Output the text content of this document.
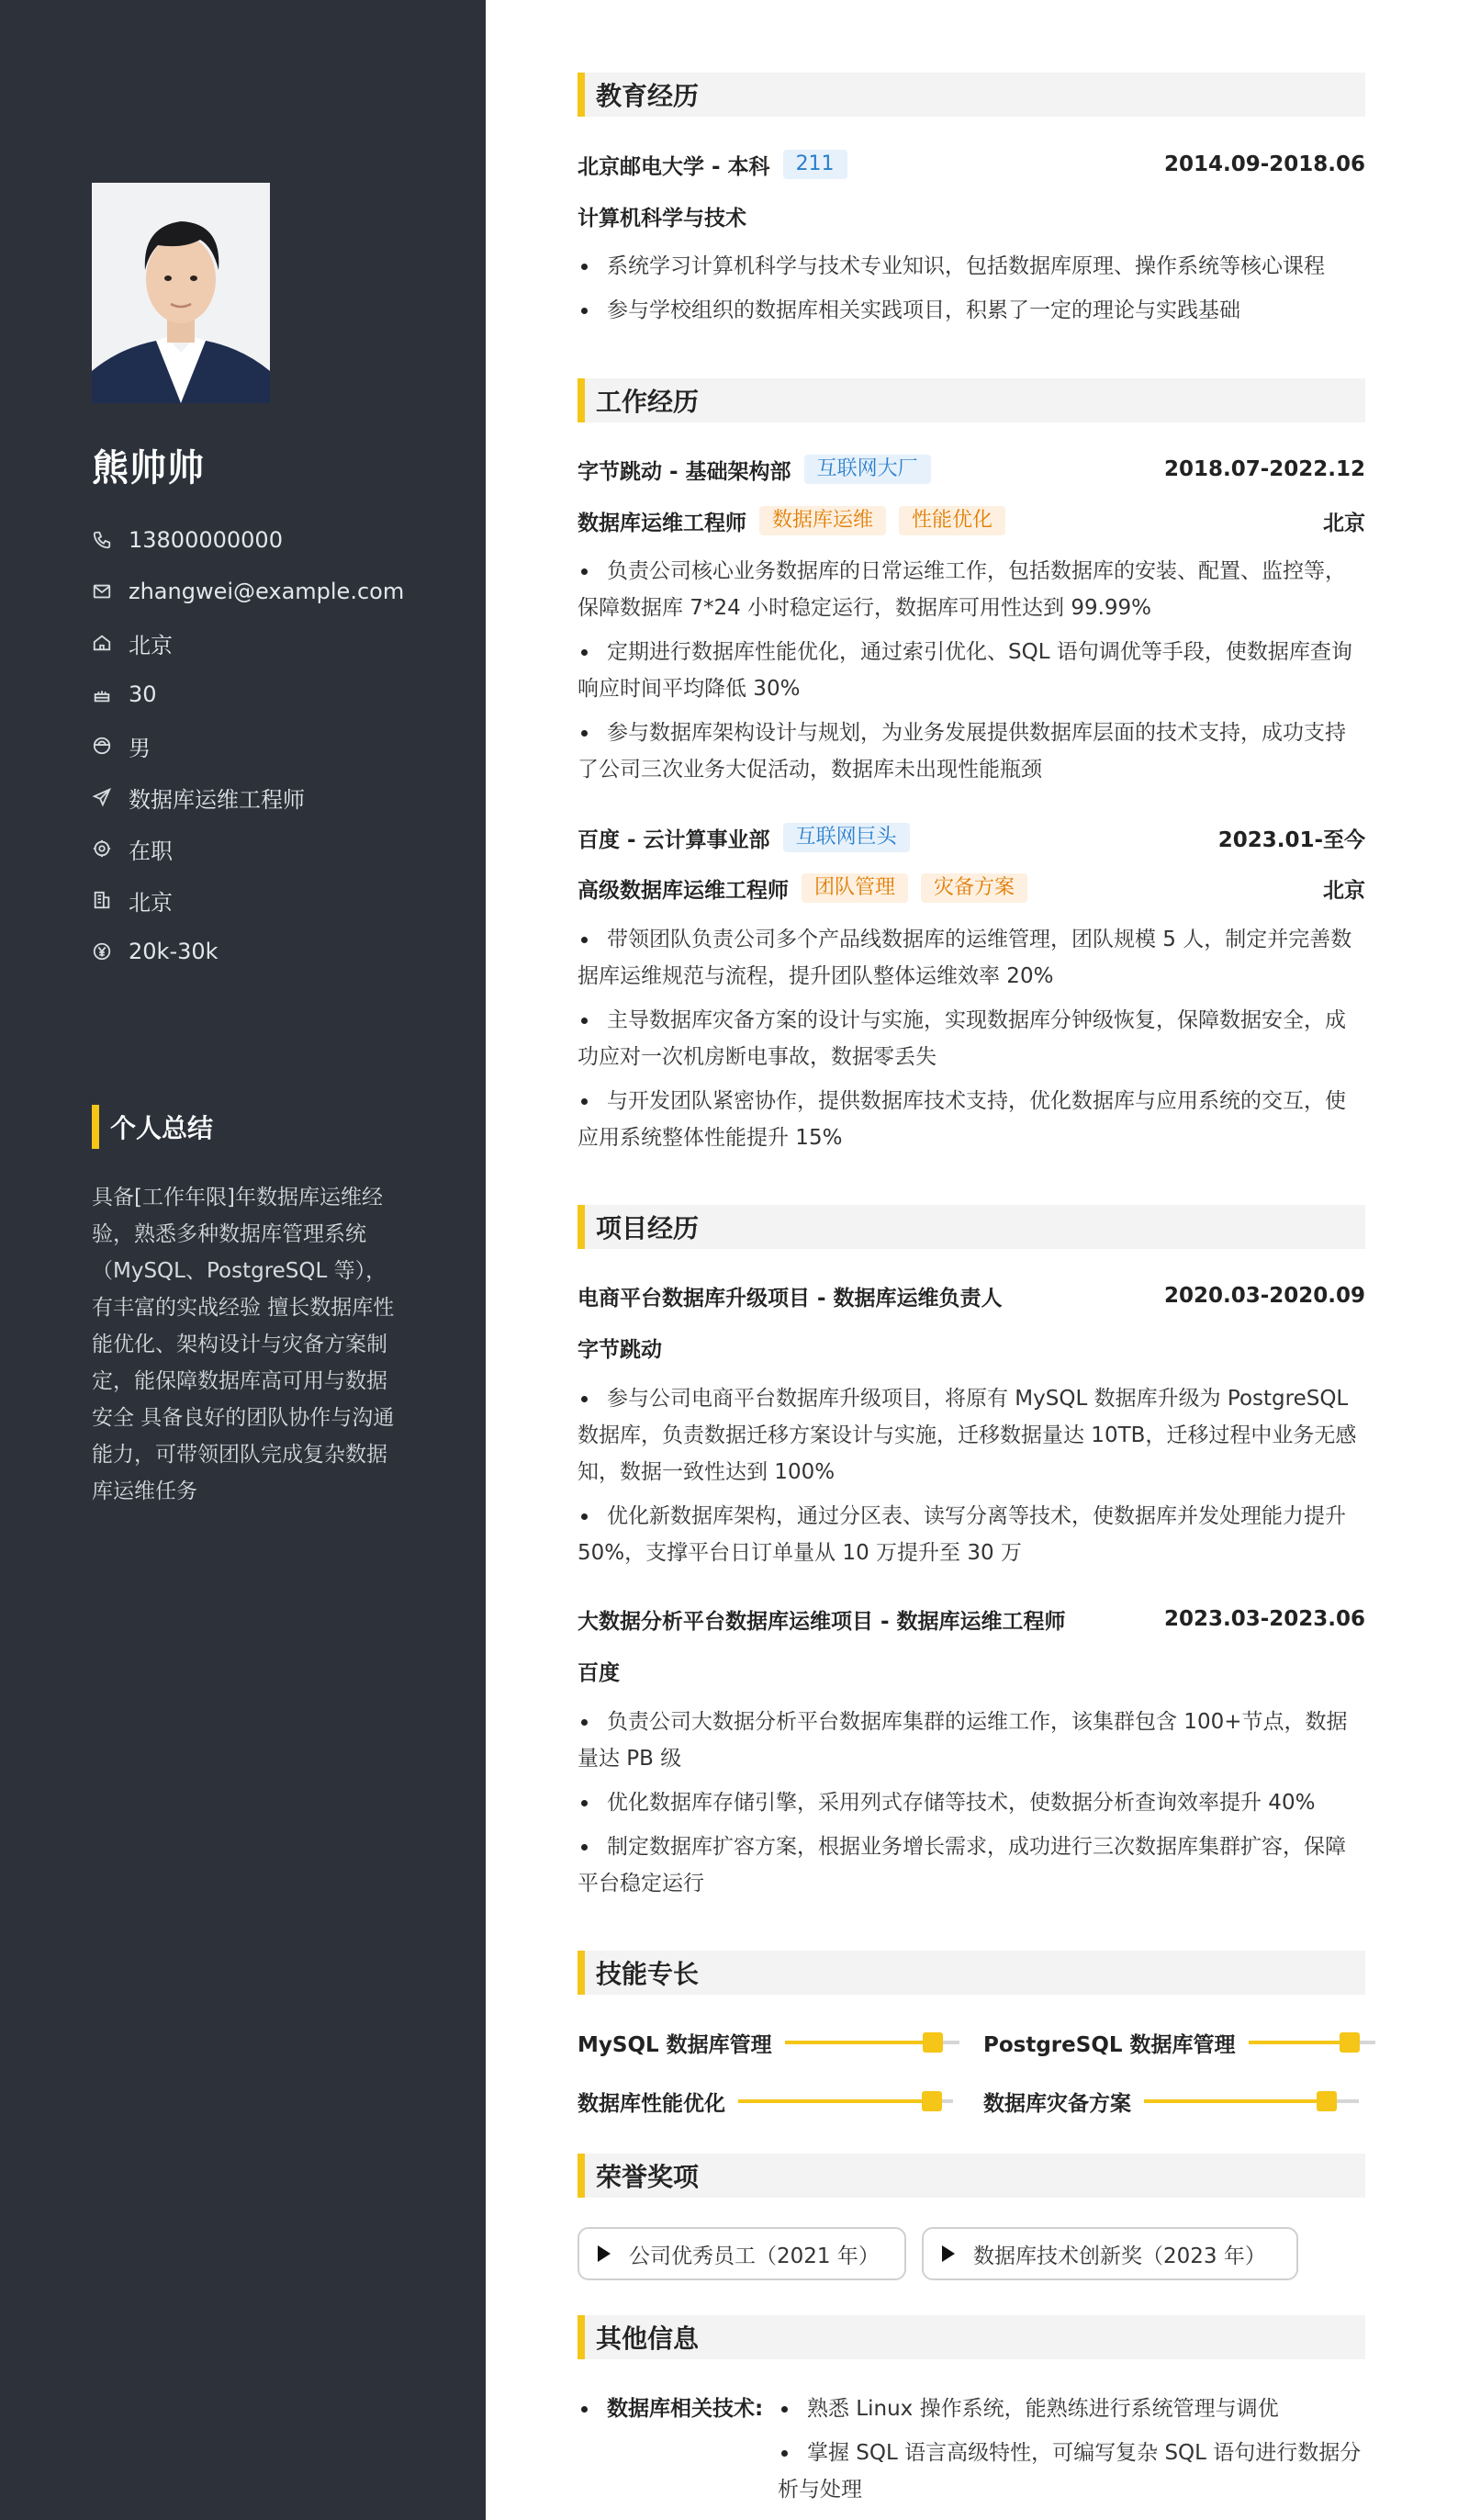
熊帅帅
13800000000
zhangwei@example.com
北京
30
男
数据库运维工程师
在职
北京
20k-30k
个人总结

具备[工作年限]年数据库运维经验，熟悉多种数据库管理系统（MySQL、PostgreSQL 等），有丰富的实战经验 擅长数据库性能优化、架构设计与灾备方案制定，能保障数据库高可用与数据安全 具备良好的团队协作与沟通能力，可带领团队完成复杂数据库运维任务

教育经历
北京邮电大学 - 本科	211	2014.09-2018.06
计算机科学与技术
系统学习计算机科学与技术专业知识，包括数据库原理、操作系统等核心课程
参与学校组织的数据库相关实践项目，积累了一定的理论与实践基础
工作经历
字节跳动 - 基础架构部	互联网大厂	2018.07-2022.12
数据库运维工程师	数据库运维	性能优化	北京
负责公司核心业务数据库的日常运维工作，包括数据库的安装、配置、监控等，保障数据库 7*24 小时稳定运行，数据库可用性达到 99.99%
定期进行数据库性能优化，通过索引优化、SQL 语句调优等手段，使数据库查询响应时间平均降低 30%
参与数据库架构设计与规划，为业务发展提供数据库层面的技术支持，成功支持了公司三次业务大促活动，数据库未出现性能瓶颈
百度 - 云计算事业部	互联网巨头	2023.01-至今
高级数据库运维工程师	团队管理	灾备方案	北京
带领团队负责公司多个产品线数据库的运维管理，团队规模 5 人，制定并完善数据库运维规范与流程，提升团队整体运维效率 20%
主导数据库灾备方案的设计与实施，实现数据库分钟级恢复，保障数据安全，成功应对一次机房断电事故，数据零丢失
与开发团队紧密协作，提供数据库技术支持，优化数据库与应用系统的交互，使应用系统整体性能提升 15%
项目经历
电商平台数据库升级项目 - 数据库运维负责人	2020.03-2020.09
字节跳动
参与公司电商平台数据库升级项目，将原有 MySQL 数据库升级为 PostgreSQL 数据库，负责数据迁移方案设计与实施，迁移数据量达 10TB，迁移过程中业务无感知，数据一致性达到 100%
优化新数据库架构，通过分区表、读写分离等技术，使数据库并发处理能力提升 50%，支撑平台日订单量从 10 万提升至 30 万
大数据分析平台数据库运维项目 - 数据库运维工程师	2023.03-2023.06
百度
负责公司大数据分析平台数据库集群的运维工作，该集群包含 100+节点，数据量达 PB 级
优化数据库存储引擎，采用列式存储等技术，使数据分析查询效率提升 40%
制定数据库扩容方案，根据业务增长需求，成功进行三次数据库集群扩容，保障平台稳定运行
技能专长
MySQL 数据库管理	PostgreSQL 数据库管理
数据库性能优化	数据库灾备方案
荣誉奖项
公司优秀员工（2021 年）	数据库技术创新奖（2023 年）
其他信息
数据库相关技术:	熟悉 Linux 操作系统，能熟练进行系统管理与调优
掌握 SQL 语言高级特性，可编写复杂 SQL 语句进行数据分析与处理
